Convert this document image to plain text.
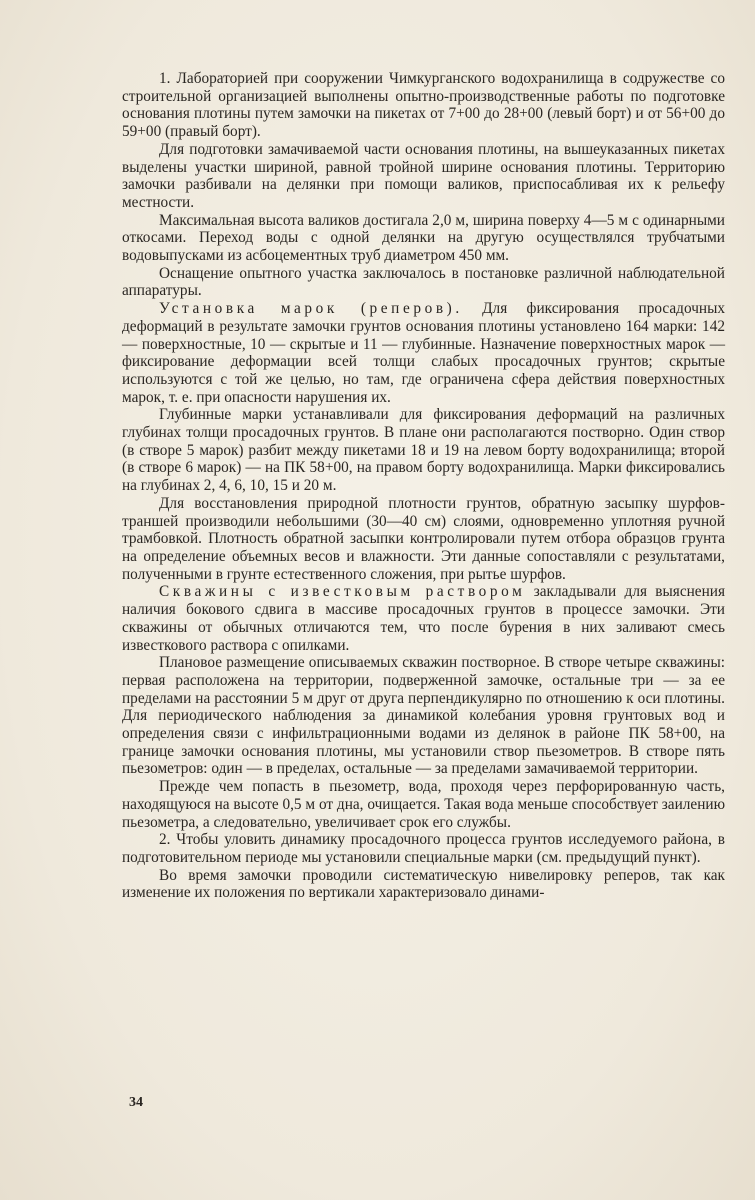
1. Лабораторией при сооружении Чимкурганского водохранилища в содружестве со строительной организацией выполнены опытно-производственные работы по подготовке основания плотины путем замочки на пикетах от 7+00 до 28+00 (левый борт) и от 56+00 до 59+00 (правый борт).

Для подготовки замачиваемой части основания плотины, на вышеуказанных пикетах выделены участки шириной, равной тройной ширине основания плотины. Территорию замочки разбивали на делянки при помощи валиков, приспосабливая их к рельефу местности.

Максимальная высота валиков достигала 2,0 м, ширина поверху 4—5 м с одинарными откосами. Переход воды с одной делянки на другую осуществлялся трубчатыми водовыпусками из асбоцементных труб диаметром 450 мм.

Оснащение опытного участка заключалось в постановке различной наблюдательной аппаратуры.

Установка марок (реперов). Для фиксирования просадочных деформаций в результате замочки грунтов основания плотины установлено 164 марки: 142 — поверхностные, 10 — скрытые и 11 — глубинные. Назначение поверхностных марок — фиксирование деформации всей толщи слабых просадочных грунтов; скрытые используются с той же целью, но там, где ограничена сфера действия поверхностных марок, т. е. при опасности нарушения их.

Глубинные марки устанавливали для фиксирования деформаций на различных глубинах толщи просадочных грунтов. В плане они располагаются постворно. Один створ (в створе 5 марок) разбит между пикетами 18 и 19 на левом борту водохранилища; второй (в створе 6 марок) — на ПК 58+00, на правом борту водохранилища. Марки фиксировались на глубинах 2, 4, 6, 10, 15 и 20 м.

Для восстановления природной плотности грунтов, обратную засыпку шурфов-траншей производили небольшими (30—40 см) слоями, одновременно уплотняя ручной трамбовкой. Плотность обратной засыпки контролировали путем отбора образцов грунта на определение объемных весов и влажности. Эти данные сопоставляли с результатами, полученными в грунте естественного сложения, при рытье шурфов.

Скважины с известковым раствором закладывали для выяснения наличия бокового сдвига в массиве просадочных грунтов в процессе замочки. Эти скважины от обычных отличаются тем, что после бурения в них заливают смесь известкового раствора с опилками.

Плановое размещение описываемых скважин постворное. В створе четыре скважины: первая расположена на территории, подверженной замочке, остальные три — за ее пределами на расстоянии 5 м друг от друга перпендикулярно по отношению к оси плотины. Для периодического наблюдения за динамикой колебания уровня грунтовых вод и определения связи с инфильтрационными водами из делянок в районе ПК 58+00, на границе замочки основания плотины, мы установили створ пьезометров. В створе пять пьезометров: один — в пределах, остальные — за пределами замачиваемой территории.

Прежде чем попасть в пьезометр, вода, проходя через перфорированную часть, находящуюся на высоте 0,5 м от дна, очищается. Такая вода меньше способствует заилению пьезометра, а следовательно, увеличивает срок его службы.

2. Чтобы уловить динамику просадочного процесса грунтов исследуемого района, в подготовительном периоде мы установили специальные марки (см. предыдущий пункт).

Во время замочки проводили систематическую нивелировку реперов, так как изменение их положения по вертикали характеризовало динами-

34
